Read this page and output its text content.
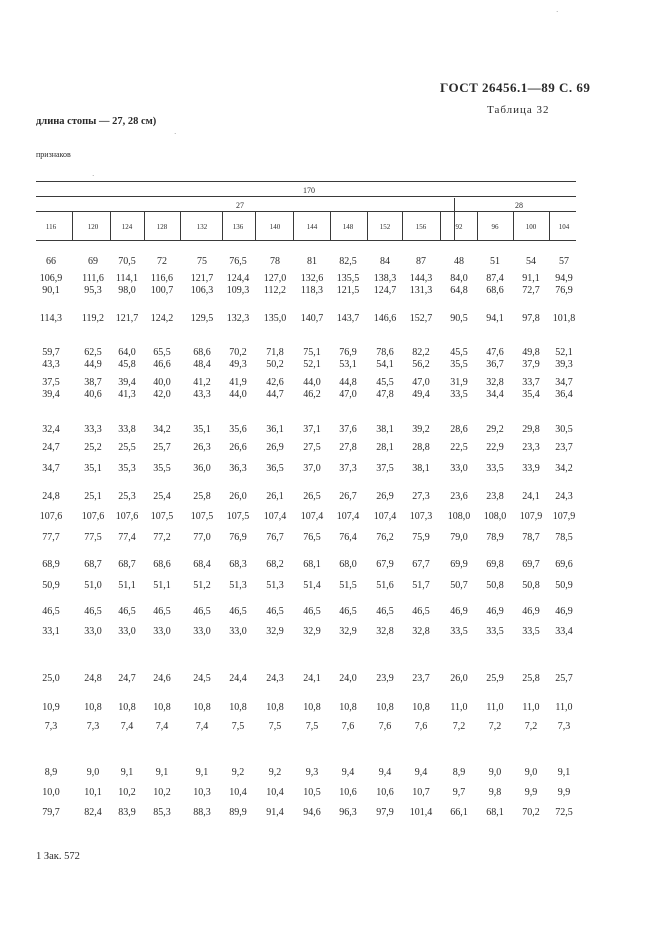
ГОСТ 26456.1—89 С. 69
Таблица 32
длина стопы — 27, 28 см)
признаков
·
·
·
170
27	28
116	120	124	128	132	136	140	144	148	152	156	92	96	100	104
66	69	70,5	72	75	76,5	78	81	82,5	84	87	48	51	54	57
106,9	111,6	114,1	116,6	121,7	124,4	127,0	132,6	135,5	138,3	144,3	84,0	87,4	91,1	94,9
90,1	95,3	98,0	100,7	106,3	109,3	112,2	118,3	121,5	124,7	131,3	64,8	68,6	72,7	76,9
114,3	119,2	121,7	124,2	129,5	132,3	135,0	140,7	143,7	146,6	152,7	90,5	94,1	97,8	101,8
59,7	62,5	64,0	65,5	68,6	70,2	71,8	75,1	76,9	78,6	82,2	45,5	47,6	49,8	52,1
43,3	44,9	45,8	46,6	48,4	49,3	50,2	52,1	53,1	54,1	56,2	35,5	36,7	37,9	39,3
37,5	38,7	39,4	40,0	41,2	41,9	42,6	44,0	44,8	45,5	47,0	31,9	32,8	33,7	34,7
39,4	40,6	41,3	42,0	43,3	44,0	44,7	46,2	47,0	47,8	49,4	33,5	34,4	35,4	36,4
32,4	33,3	33,8	34,2	35,1	35,6	36,1	37,1	37,6	38,1	39,2	28,6	29,2	29,8	30,5
24,7	25,2	25,5	25,7	26,3	26,6	26,9	27,5	27,8	28,1	28,8	22,5	22,9	23,3	23,7
34,7	35,1	35,3	35,5	36,0	36,3	36,5	37,0	37,3	37,5	38,1	33,0	33,5	33,9	34,2
24,8	25,1	25,3	25,4	25,8	26,0	26,1	26,5	26,7	26,9	27,3	23,6	23,8	24,1	24,3
107,6	107,6	107,6	107,5	107,5	107,5	107,4	107,4	107,4	107,4	107,3	108,0	108,0	107,9	107,9
77,7	77,5	77,4	77,2	77,0	76,9	76,7	76,5	76,4	76,2	75,9	79,0	78,9	78,7	78,5
68,9	68,7	68,7	68,6	68,4	68,3	68,2	68,1	68,0	67,9	67,7	69,9	69,8	69,7	69,6
50,9	51,0	51,1	51,1	51,2	51,3	51,3	51,4	51,5	51,6	51,7	50,7	50,8	50,8	50,9
46,5	46,5	46,5	46,5	46,5	46,5	46,5	46,5	46,5	46,5	46,5	46,9	46,9	46,9	46,9
33,1	33,0	33,0	33,0	33,0	33,0	32,9	32,9	32,9	32,8	32,8	33,5	33,5	33,5	33,4
25,0	24,8	24,7	24,6	24,5	24,4	24,3	24,1	24,0	23,9	23,7	26,0	25,9	25,8	25,7
10,9	10,8	10,8	10,8	10,8	10,8	10,8	10,8	10,8	10,8	10,8	11,0	11,0	11,0	11,0
7,3	7,3	7,4	7,4	7,4	7,5	7,5	7,5	7,6	7,6	7,6	7,2	7,2	7,2	7,3
8,9	9,0	9,1	9,1	9,1	9,2	9,2	9,3	9,4	9,4	9,4	8,9	9,0	9,0	9,1
10,0	10,1	10,2	10,2	10,3	10,4	10,4	10,5	10,6	10,6	10,7	9,7	9,8	9,9	9,9
79,7	82,4	83,9	85,3	88,3	89,9	91,4	94,6	96,3	97,9	101,4	66,1	68,1	70,2	72,5
1 Зак. 572
